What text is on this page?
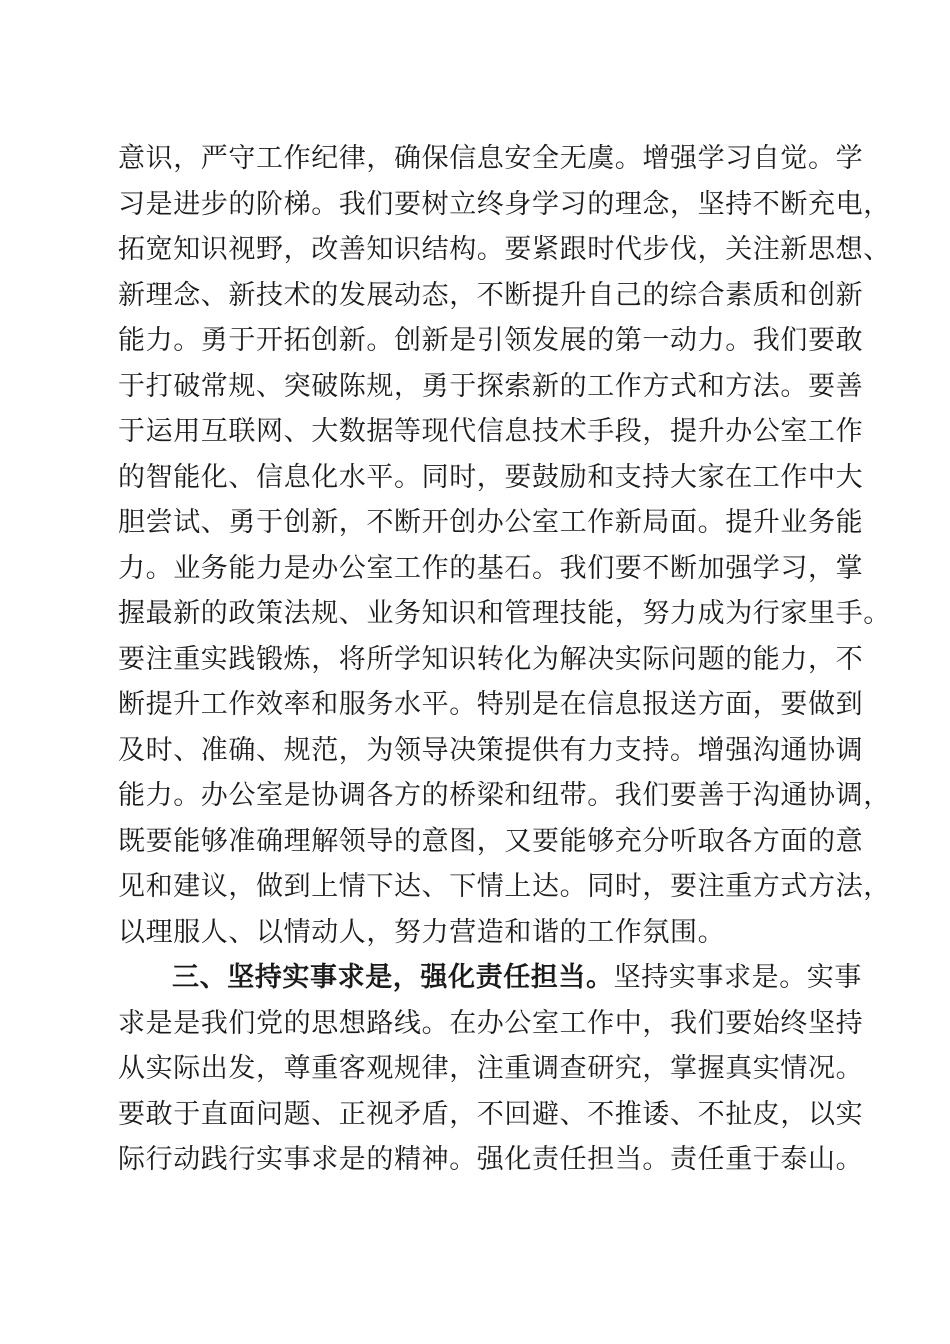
意识，严守工作纪律，确保信息安全无虞。增强学习自觉。学
习是进步的阶梯。我们要树立终身学习的理念，坚持不断充电，
拓宽知识视野，改善知识结构。要紧跟时代步伐，关注新思想、
新理念、新技术的发展动态，不断提升自己的综合素质和创新
能力。勇于开拓创新。创新是引领发展的第一动力。我们要敢
于打破常规、突破陈规，勇于探索新的工作方式和方法。要善
于运用互联网、大数据等现代信息技术手段，提升办公室工作
的智能化、信息化水平。同时，要鼓励和支持大家在工作中大
胆尝试、勇于创新，不断开创办公室工作新局面。提升业务能
力。业务能力是办公室工作的基石。我们要不断加强学习，掌
握最新的政策法规、业务知识和管理技能，努力成为行家里手。
要注重实践锻炼，将所学知识转化为解决实际问题的能力，不
断提升工作效率和服务水平。特别是在信息报送方面，要做到
及时、准确、规范，为领导决策提供有力支持。增强沟通协调
能力。办公室是协调各方的桥梁和纽带。我们要善于沟通协调，
既要能够准确理解领导的意图，又要能够充分听取各方面的意
见和建议，做到上情下达、下情上达。同时，要注重方式方法，
以理服人、以情动人，努力营造和谐的工作氛围。
三、坚持实事求是，强化责任担当。坚持实事求是。实事
求是是我们党的思想路线。在办公室工作中，我们要始终坚持
从实际出发，尊重客观规律，注重调查研究，掌握真实情况。
要敢于直面问题、正视矛盾，不回避、不推诿、不扯皮，以实
际行动践行实事求是的精神。强化责任担当。责任重于泰山。
